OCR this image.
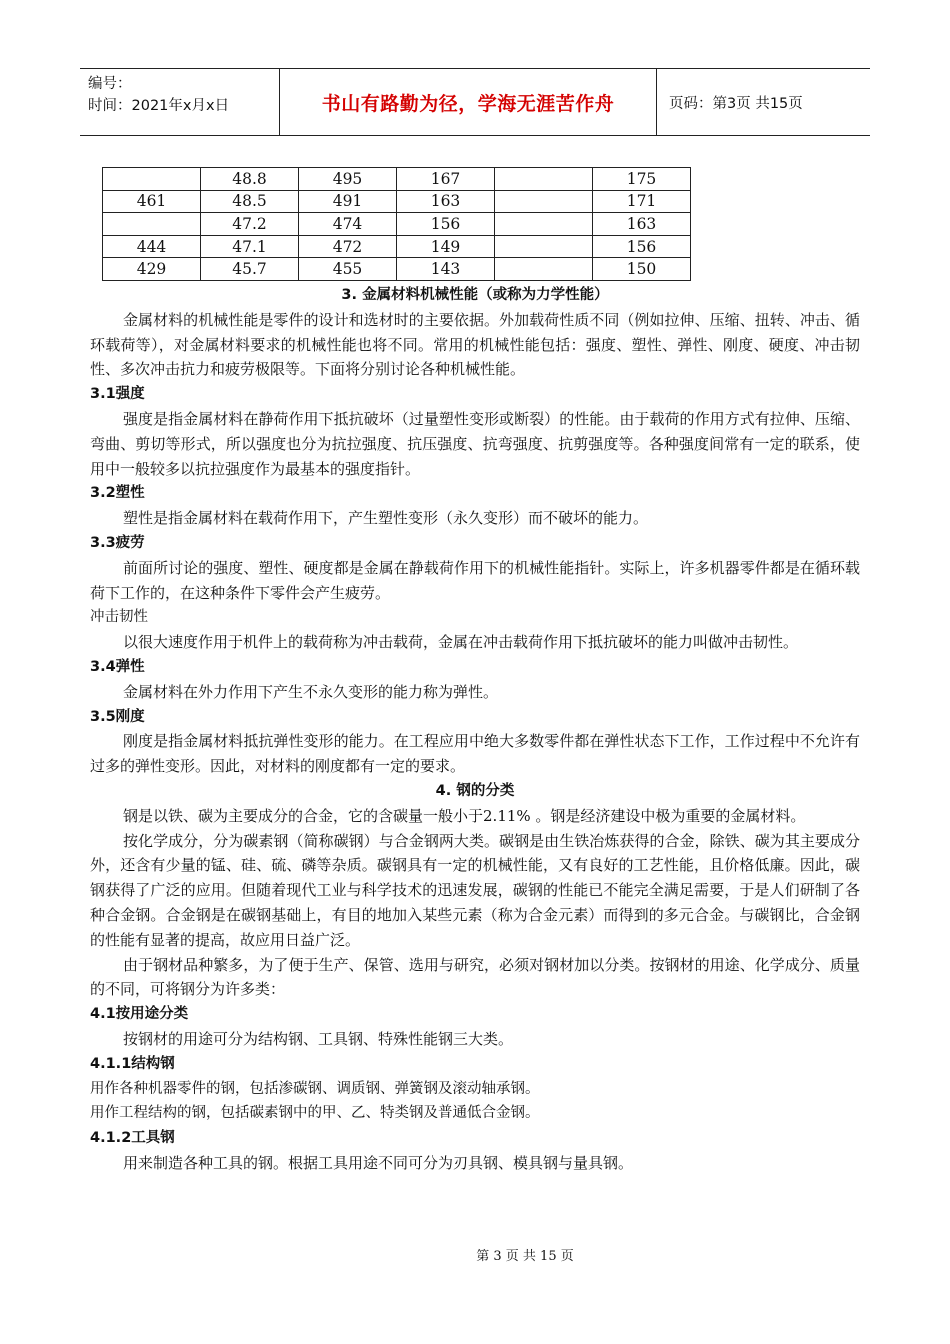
编号：
时间：2021年x月x日	书山有路勤为径，学海无涯苦作舟	页码：第3页 共15页
	48.8	495	167		175
461	48.5	491	163		171
	47.2	474	156		163
444	47.1	472	149		156
429	45.7	455	143		150

3. 金属材料机械性能（或称为力学性能）

金属材料的机械性能是零件的设计和选材时的主要依据。外加载荷性质不同（例如拉伸、压缩、扭转、冲击、循环载荷等），对金属材料要求的机械性能也将不同。常用的机械性能包括：强度、塑性、弹性、刚度、硬度、冲击韧性、多次冲击抗力和疲劳极限等。下面将分别讨论各种机械性能。

3.1强度

强度是指金属材料在静荷作用下抵抗破坏（过量塑性变形或断裂）的性能。由于载荷的作用方式有拉伸、压缩、弯曲、剪切等形式，所以强度也分为抗拉强度、抗压强度、抗弯强度、抗剪强度等。各种强度间常有一定的联系，使用中一般较多以抗拉强度作为最基本的强度指针。

3.2塑性

塑性是指金属材料在载荷作用下，产生塑性变形（永久变形）而不破坏的能力。

3.3疲劳

前面所讨论的强度、塑性、硬度都是金属在静载荷作用下的机械性能指针。实际上，许多机器零件都是在循环载荷下工作的，在这种条件下零件会产生疲劳。

冲击韧性

以很大速度作用于机件上的载荷称为冲击载荷，金属在冲击载荷作用下抵抗破坏的能力叫做冲击韧性。

3.4弹性

金属材料在外力作用下产生不永久变形的能力称为弹性。

3.5刚度

刚度是指金属材料抵抗弹性变形的能力。在工程应用中绝大多数零件都在弹性状态下工作，工作过程中不允许有过多的弹性变形。因此，对材料的刚度都有一定的要求。

4. 钢的分类

钢是以铁、碳为主要成分的合金，它的含碳量一般小于2.11% 。钢是经济建设中极为重要的金属材料。

按化学成分，分为碳素钢（简称碳钢）与合金钢两大类。碳钢是由生铁冶炼获得的合金，除铁、碳为其主要成分外，还含有少量的锰、硅、硫、磷等杂质。碳钢具有一定的机械性能，又有良好的工艺性能，且价格低廉。因此，碳钢获得了广泛的应用。但随着现代工业与科学技术的迅速发展，碳钢的性能已不能完全满足需要，于是人们研制了各种合金钢。合金钢是在碳钢基础上，有目的地加入某些元素（称为合金元素）而得到的多元合金。与碳钢比，合金钢的性能有显著的提高，故应用日益广泛。

由于钢材品种繁多，为了便于生产、保管、选用与研究，必须对钢材加以分类。按钢材的用途、化学成分、质量的不同，可将钢分为许多类：

4.1按用途分类

按钢材的用途可分为结构钢、工具钢、特殊性能钢三大类。

4.1.1结构钢

用作各种机器零件的钢，包括渗碳钢、调质钢、弹簧钢及滚动轴承钢。

用作工程结构的钢，包括碳素钢中的甲、乙、特类钢及普通低合金钢。

4.1.2工具钢

用来制造各种工具的钢。根据工具用途不同可分为刃具钢、模具钢与量具钢。

第 3 页 共 15 页
